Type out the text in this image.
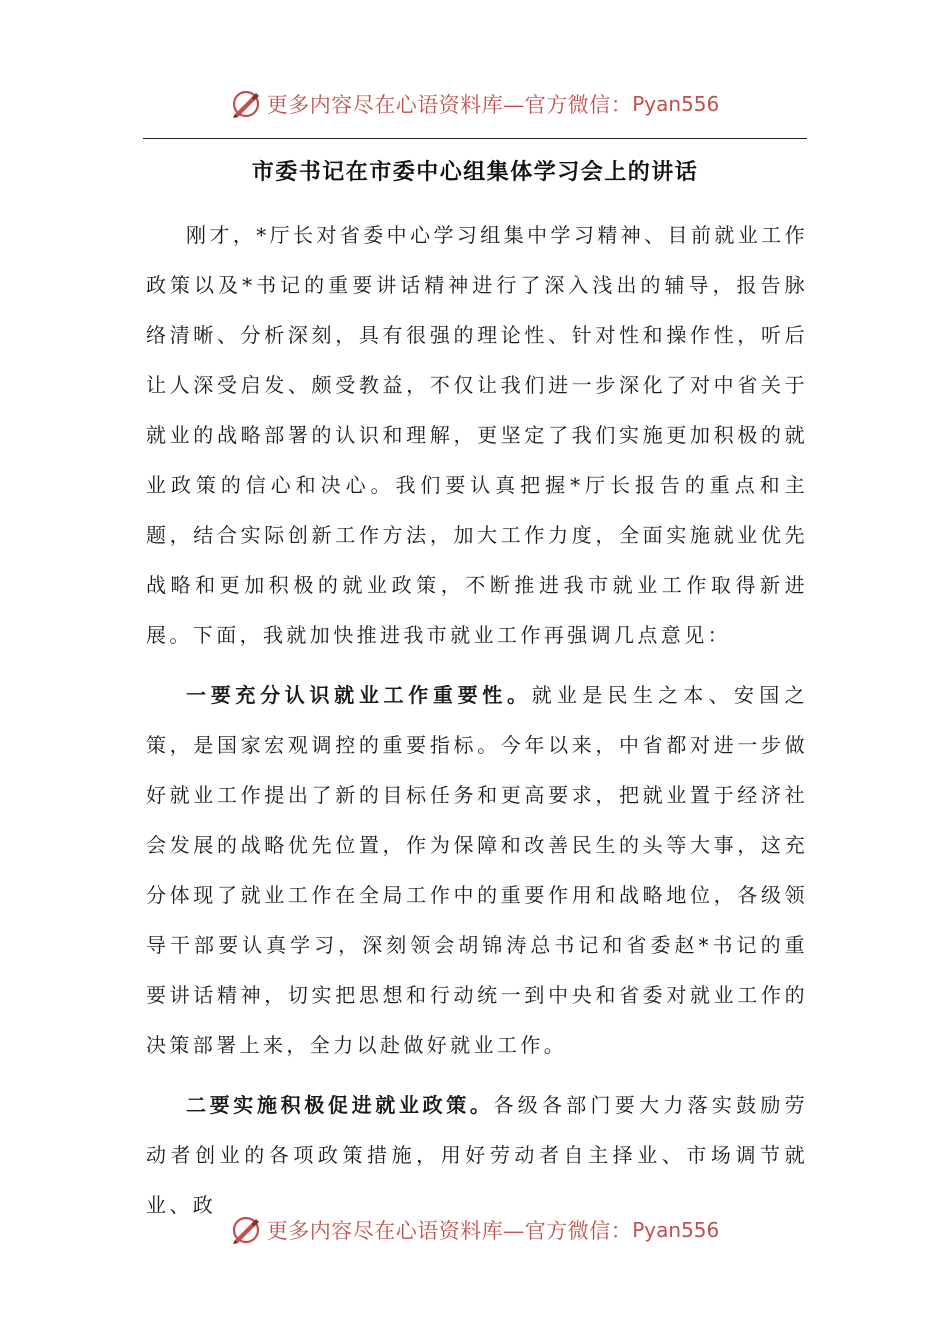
更多内容尽在心语资料库—官方微信： Pyan556
市委书记在市委中心组集体学习会上的讲话

刚才，*厅长对省委中心学习组集中学习精神、目前就业工作政策以及*书记的重要讲话精神进行了深入浅出的辅导，报告脉络清晰、分析深刻，具有很强的理论性、针对性和操作性，听后让人深受启发、颇受教益，不仅让我们进一步深化了对中省关于就业的战略部署的认识和理解，更坚定了我们实施更加积极的就业政策的信心和决心。我们要认真把握*厅长报告的重点和主题，结合实际创新工作方法，加大工作力度，全面实施就业优先战略和更加积极的就业政策，不断推进我市就业工作取得新进展。下面，我就加快推进我市就业工作再强调几点意见：

一要充分认识就业工作重要性。就业是民生之本、安国之策，是国家宏观调控的重要指标。今年以来，中省都对进一步做好就业工作提出了新的目标任务和更高要求，把就业置于经济社会发展的战略优先位置，作为保障和改善民生的头等大事，这充分体现了就业工作在全局工作中的重要作用和战略地位，各级领导干部要认真学习，深刻领会胡锦涛总书记和省委赵*书记的重要讲话精神，切实把思想和行动统一到中央和省委对就业工作的决策部署上来，全力以赴做好就业工作。

二要实施积极促进就业政策。各级各部门要大力落实鼓励劳动者创业的各项政策措施，用好劳动者自主择业、市场调节就业、政

更多内容尽在心语资料库—官方微信： Pyan556
